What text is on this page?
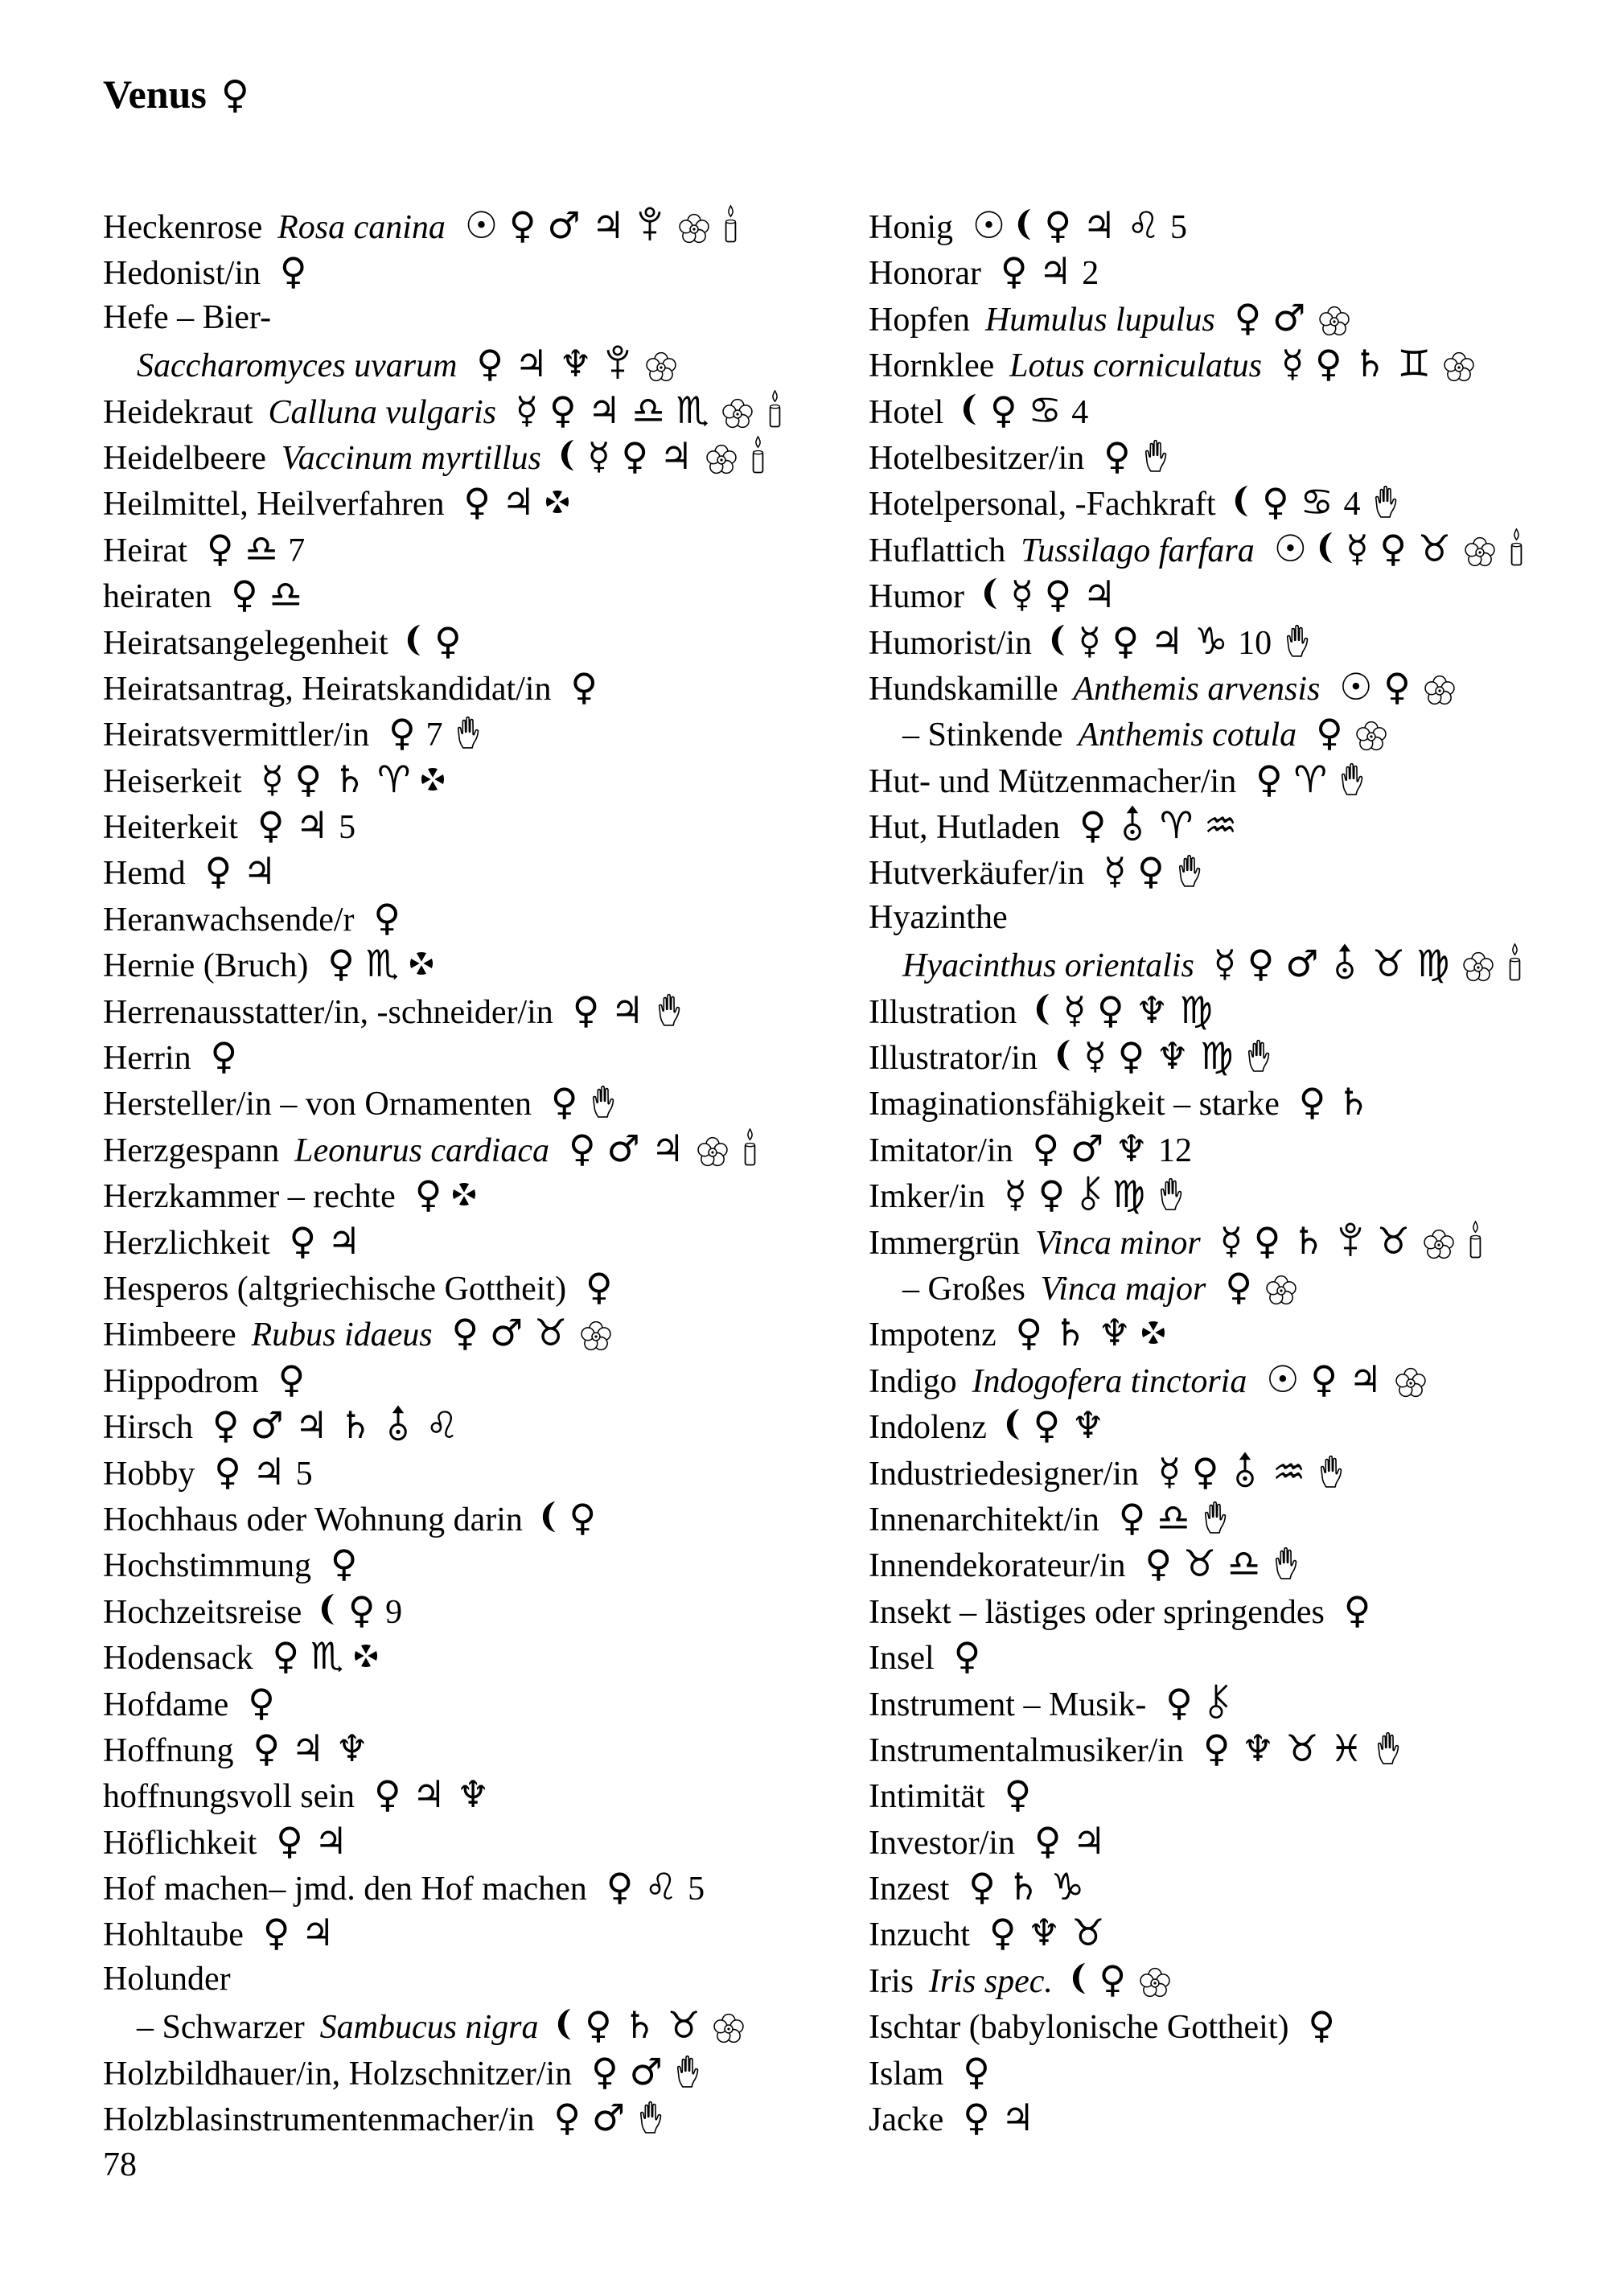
Venus ♀
Heckenrose Rosa canina ☉ ♀ ♂ ♃
Hedonist/in ♀
Hefe – Bier-
Saccharomyces uvarum ♀ ♃ ♆
Heidekraut Calluna vulgaris ☿ ♀ ♃ ♎ ♏
Heidelbeere Vaccinum myrtillus ☿ ♀ ♃
Heilmittel, Heilverfahren ♀ ♃
Heirat ♀ ♎ 7
heiraten ♀ ♎
Heiratsangelegenheit ♀
Heiratsantrag, Heiratskandidat/in ♀
Heiratsvermittler/in ♀ 7
Heiserkeit ☿ ♀ ♄ ♈
Heiterkeit ♀ ♃ 5
Hemd ♀ ♃
Heranwachsende/r ♀
Hernie (Bruch) ♀ ♏
Herrenausstatter/in, -schneider/in ♀ ♃
Herrin ♀
Hersteller/in – von Ornamenten ♀
Herzgespann Leonurus cardiaca ♀ ♂ ♃
Herzkammer – rechte ♀
Herzlichkeit ♀ ♃
Hesperos (altgriechische Gottheit) ♀
Himbeere Rubus idaeus ♀ ♂ ♉
Hippodrom ♀
Hirsch ♀ ♂ ♃ ♄ ♌
Hobby ♀ ♃ 5
Hochhaus oder Wohnung darin ♀
Hochstimmung ♀
Hochzeitsreise ♀ 9
Hodensack ♀ ♏
Hofdame ♀
Hoffnung ♀ ♃ ♆
hoffnungsvoll sein ♀ ♃ ♆
Höflichkeit ♀ ♃
Hof machen– jmd. den Hof machen ♀ ♌ 5
Hohltaube ♀ ♃
Holunder
– Schwarzer Sambucus nigra ♀ ♄ ♉
Holzbildhauer/in, Holzschnitzer/in ♀ ♂
Holzblasinstrumentenmacher/in ♀ ♂
Honig ☉ ♀ ♃ ♌ 5
Honorar ♀ ♃ 2
Hopfen Humulus lupulus ♀ ♂
Hornklee Lotus corniculatus ☿ ♀ ♄ ♊
Hotel ♀ ♋ 4
Hotelbesitzer/in ♀
Hotelpersonal, -Fachkraft ♀ ♋ 4
Huflattich Tussilago farfara ☉ ☿ ♀ ♉
Humor ☿ ♀ ♃
Humorist/in ☿ ♀ ♃ ♑ 10
Hundskamille Anthemis arvensis ☉ ♀
– Stinkende Anthemis cotula ♀
Hut- und Mützenmacher/in ♀ ♈
Hut, Hutladen ♀ ♈ ♒
Hutverkäufer/in ☿ ♀
Hyazinthe
Hyacinthus orientalis ☿ ♀ ♂ ♉ ♍
Illustration ☿ ♀ ♆ ♍
Illustrator/in ☿ ♀ ♆ ♍
Imaginationsfähigkeit – starke ♀ ♄
Imitator/in ♀ ♂ ♆ 12
Imker/in ☿ ♀ ♍
Immergrün Vinca minor ☿ ♀ ♄ ♉
– Großes Vinca major ♀
Impotenz ♀ ♄ ♆
Indigo Indogofera tinctoria ☉ ♀ ♃
Indolenz ♀ ♆
Industriedesigner/in ☿ ♀ ♒
Innenarchitekt/in ♀ ♎
Innendekorateur/in ♀ ♉ ♎
Insekt – lästiges oder springendes ♀
Insel ♀
Instrument – Musik- ♀
Instrumentalmusiker/in ♀ ♆ ♉ ♓
Intimität ♀
Investor/in ♀ ♃
Inzest ♀ ♄ ♑
Inzucht ♀ ♆ ♉
Iris Iris spec. ♀
Ischtar (babylonische Gottheit) ♀
Islam ♀
Jacke ♀ ♃
78
